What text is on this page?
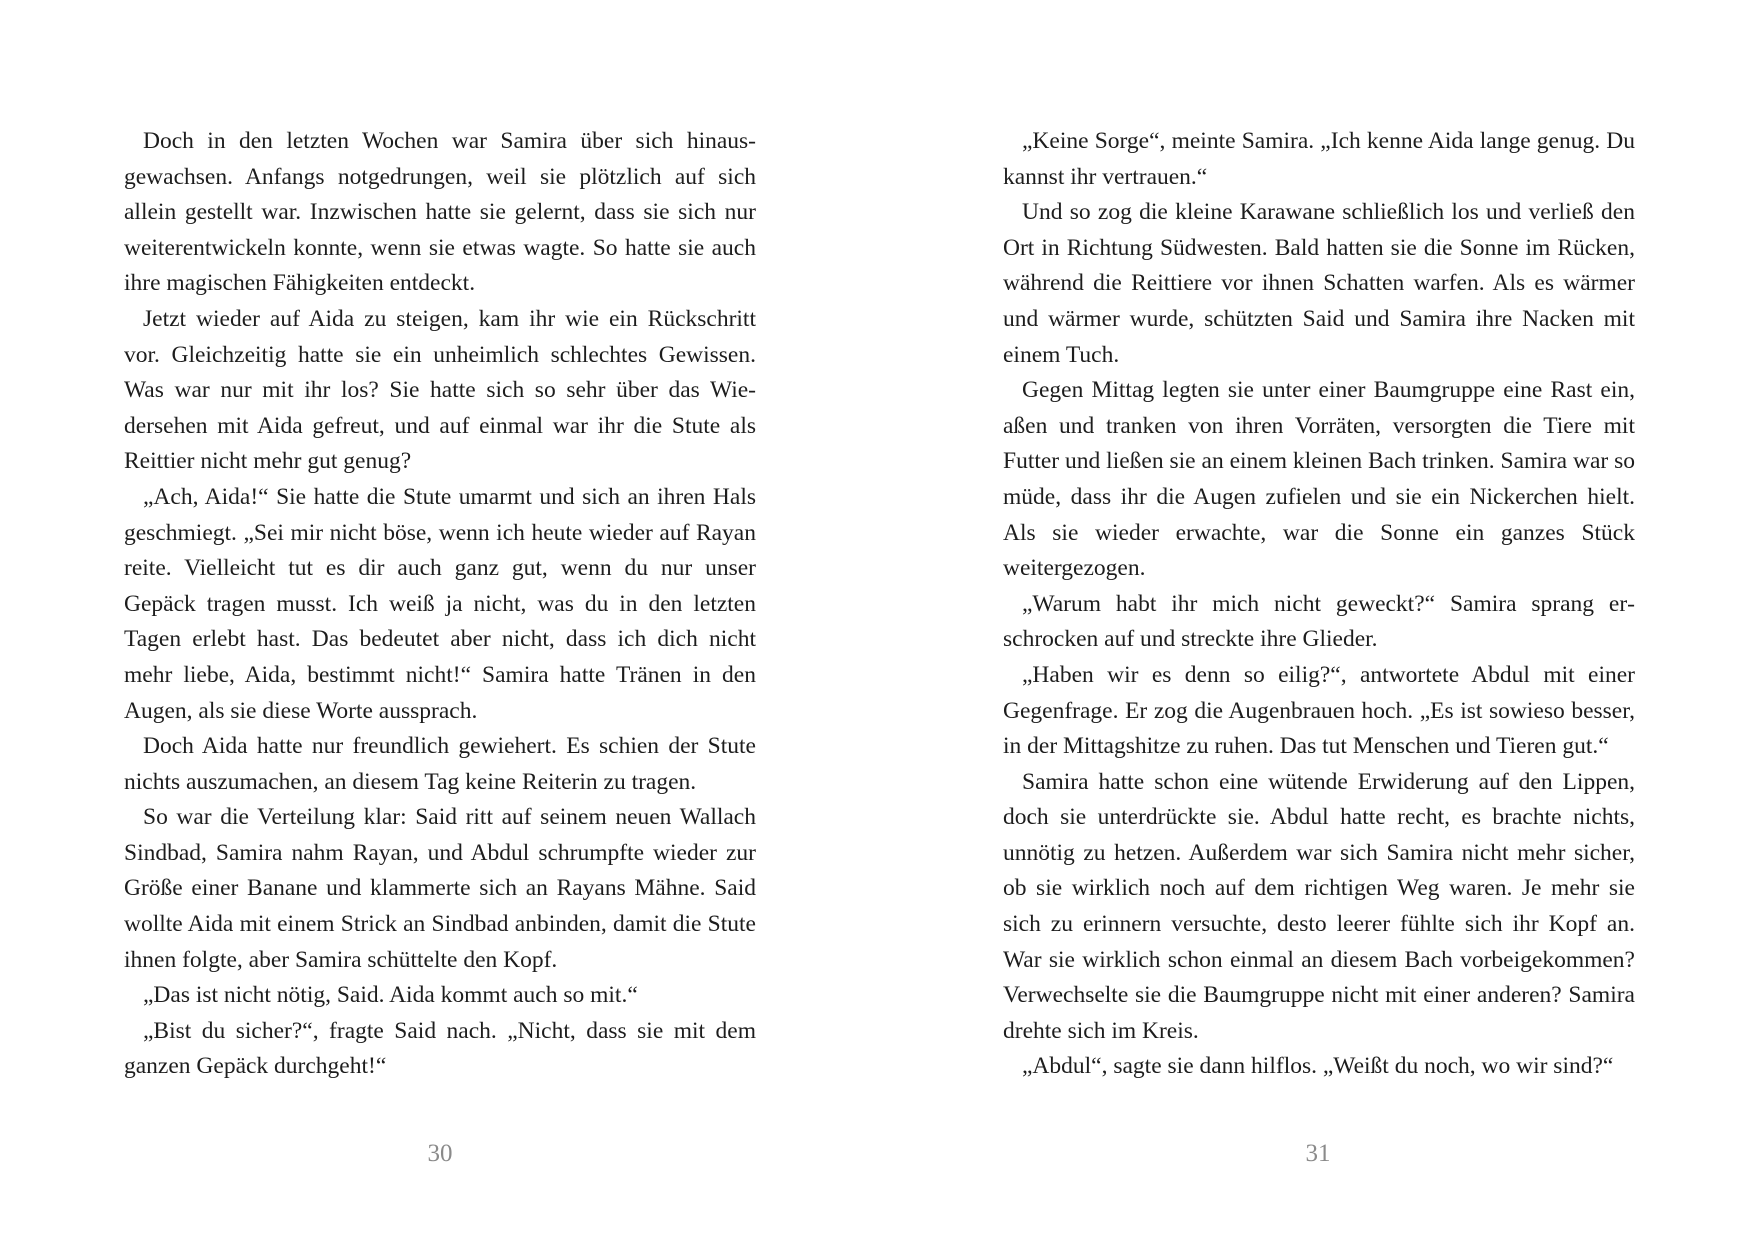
Doch in den letzten Wochen war Samira über sich hinausgewachsen. Anfangs notgedrungen, weil sie plötzlich auf sich allein gestellt war. Inzwischen hatte sie gelernt, dass sie sich nur weiterentwickeln konnte, wenn sie etwas wagte. So hatte sie auch ihre magischen Fähigkeiten entdeckt.

Jetzt wieder auf Aida zu steigen, kam ihr wie ein Rückschritt vor. Gleichzeitig hatte sie ein unheimlich schlechtes Gewissen. Was war nur mit ihr los? Sie hatte sich so sehr über das Wiedersehen mit Aida gefreut, und auf einmal war ihr die Stute als Reittier nicht mehr gut genug?

„Ach, Aida!“ Sie hatte die Stute umarmt und sich an ihren Hals geschmiegt. „Sei mir nicht böse, wenn ich heute wieder auf Rayan reite. Vielleicht tut es dir auch ganz gut, wenn du nur unser Gepäck tragen musst. Ich weiß ja nicht, was du in den letzten Tagen erlebt hast. Das bedeutet aber nicht, dass ich dich nicht mehr liebe, Aida, bestimmt nicht!“ Samira hatte Tränen in den Augen, als sie diese Worte aussprach.

Doch Aida hatte nur freundlich gewiehert. Es schien der Stute nichts auszumachen, an diesem Tag keine Reiterin zu tragen.

So war die Verteilung klar: Said ritt auf seinem neuen Wallach Sindbad, Samira nahm Rayan, und Abdul schrumpfte wieder zur Größe einer Banane und klammerte sich an Rayans Mähne. Said wollte Aida mit einem Strick an Sindbad anbinden, damit die Stute ihnen folgte, aber Samira schüttelte den Kopf.

„Das ist nicht nötig, Said. Aida kommt auch so mit.“

„Bist du sicher?“, fragte Said nach. „Nicht, dass sie mit dem ganzen Gepäck durchgeht!“

„Keine Sorge“, meinte Samira. „Ich kenne Aida lange genug. Du kannst ihr vertrauen.“

Und so zog die kleine Karawane schließlich los und verließ den Ort in Richtung Südwesten. Bald hatten sie die Sonne im Rücken, während die Reittiere vor ihnen Schatten warfen. Als es wärmer und wärmer wurde, schützten Said und Samira ihre Nacken mit einem Tuch.

Gegen Mittag legten sie unter einer Baumgruppe eine Rast ein, aßen und tranken von ihren Vorräten, versorgten die Tiere mit Futter und ließen sie an einem kleinen Bach trinken. Samira war so müde, dass ihr die Augen zufielen und sie ein Nickerchen hielt. Als sie wieder erwachte, war die Sonne ein ganzes Stück weitergezogen.

„Warum habt ihr mich nicht geweckt?“ Samira sprang erschrocken auf und streckte ihre Glieder.

„Haben wir es denn so eilig?“, antwortete Abdul mit einer Gegenfrage. Er zog die Augenbrauen hoch. „Es ist sowieso besser, in der Mittagshitze zu ruhen. Das tut Menschen und Tieren gut.“

Samira hatte schon eine wütende Erwiderung auf den Lippen, doch sie unterdrückte sie. Abdul hatte recht, es brachte nichts, unnötig zu hetzen. Außerdem war sich Samira nicht mehr sicher, ob sie wirklich noch auf dem richtigen Weg waren. Je mehr sie sich zu erinnern versuchte, desto leerer fühlte sich ihr Kopf an. War sie wirklich schon einmal an diesem Bach vorbeigekommen? Verwechselte sie die Baumgruppe nicht mit einer anderen? Samira drehte sich im Kreis.

„Abdul“, sagte sie dann hilflos. „Weißt du noch, wo wir sind?“

30	31
